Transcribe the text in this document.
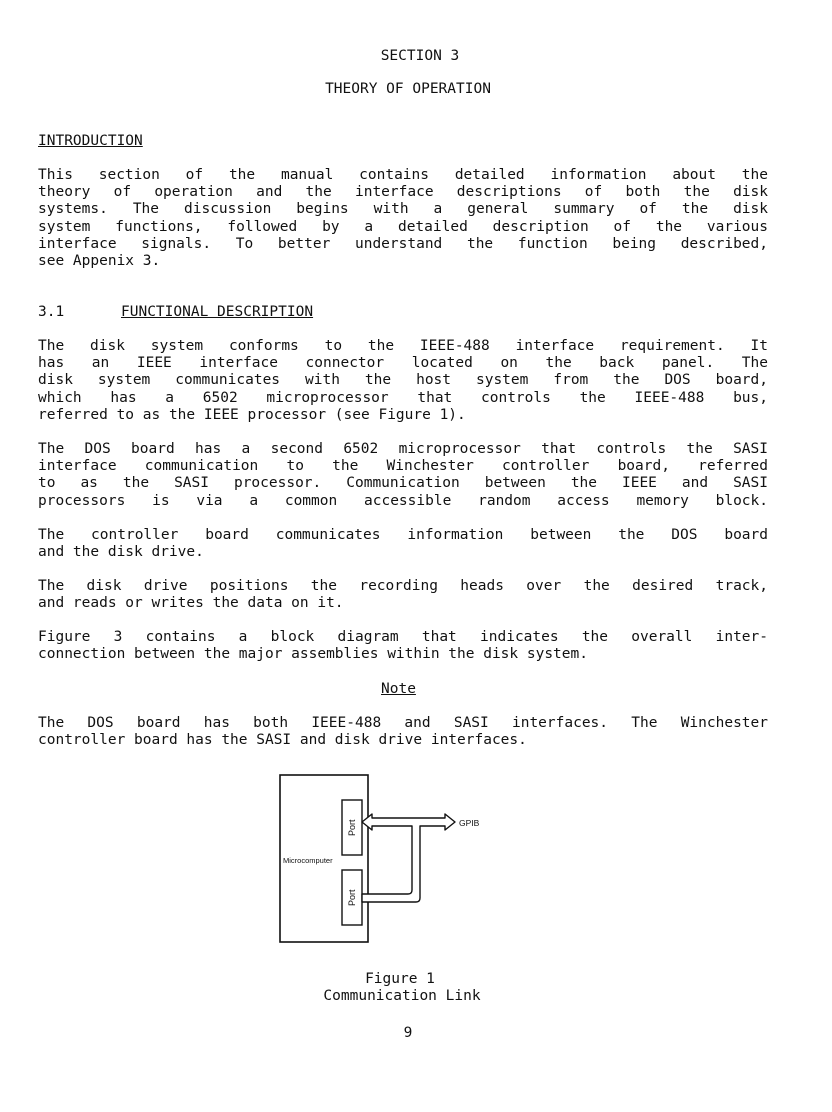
SECTION 3
THEORY OF OPERATION
INTRODUCTION
This section of the manual contains detailed information about the
theory of operation and the interface descriptions of both the disk
systems. The discussion begins with a general summary of the disk
system functions, followed by a detailed description of the various
interface signals. To better understand the function being described,
see Appenix 3.
3.1	FUNCTIONAL DESCRIPTION
The disk system conforms to the IEEE-488 interface requirement. It
has an IEEE interface connector located on the back panel. The
disk system communicates with the host system from the DOS board,
which has a 6502 microprocessor that controls the IEEE-488 bus,
referred to as the IEEE processor (see Figure 1).
The DOS board has a second 6502 microprocessor that controls the SASI
interface communication to the Winchester controller board, referred
to as the SASI processor. Communication between the IEEE and SASI
processors is via a common accessible random access memory block.
The controller board communicates information between the DOS board
and the disk drive.
The disk drive positions the recording heads over the desired track,
and reads or writes the data on it.
Figure 3 contains a block diagram that indicates the overall inter-
connection between the major assemblies within the disk system.
Note
The DOS board has both IEEE-488 and SASI interfaces. The Winchester
controller board has the SASI and disk drive interfaces.
Port
Port
Microcomputer
GPIB
Figure 1
Communication Link
9
